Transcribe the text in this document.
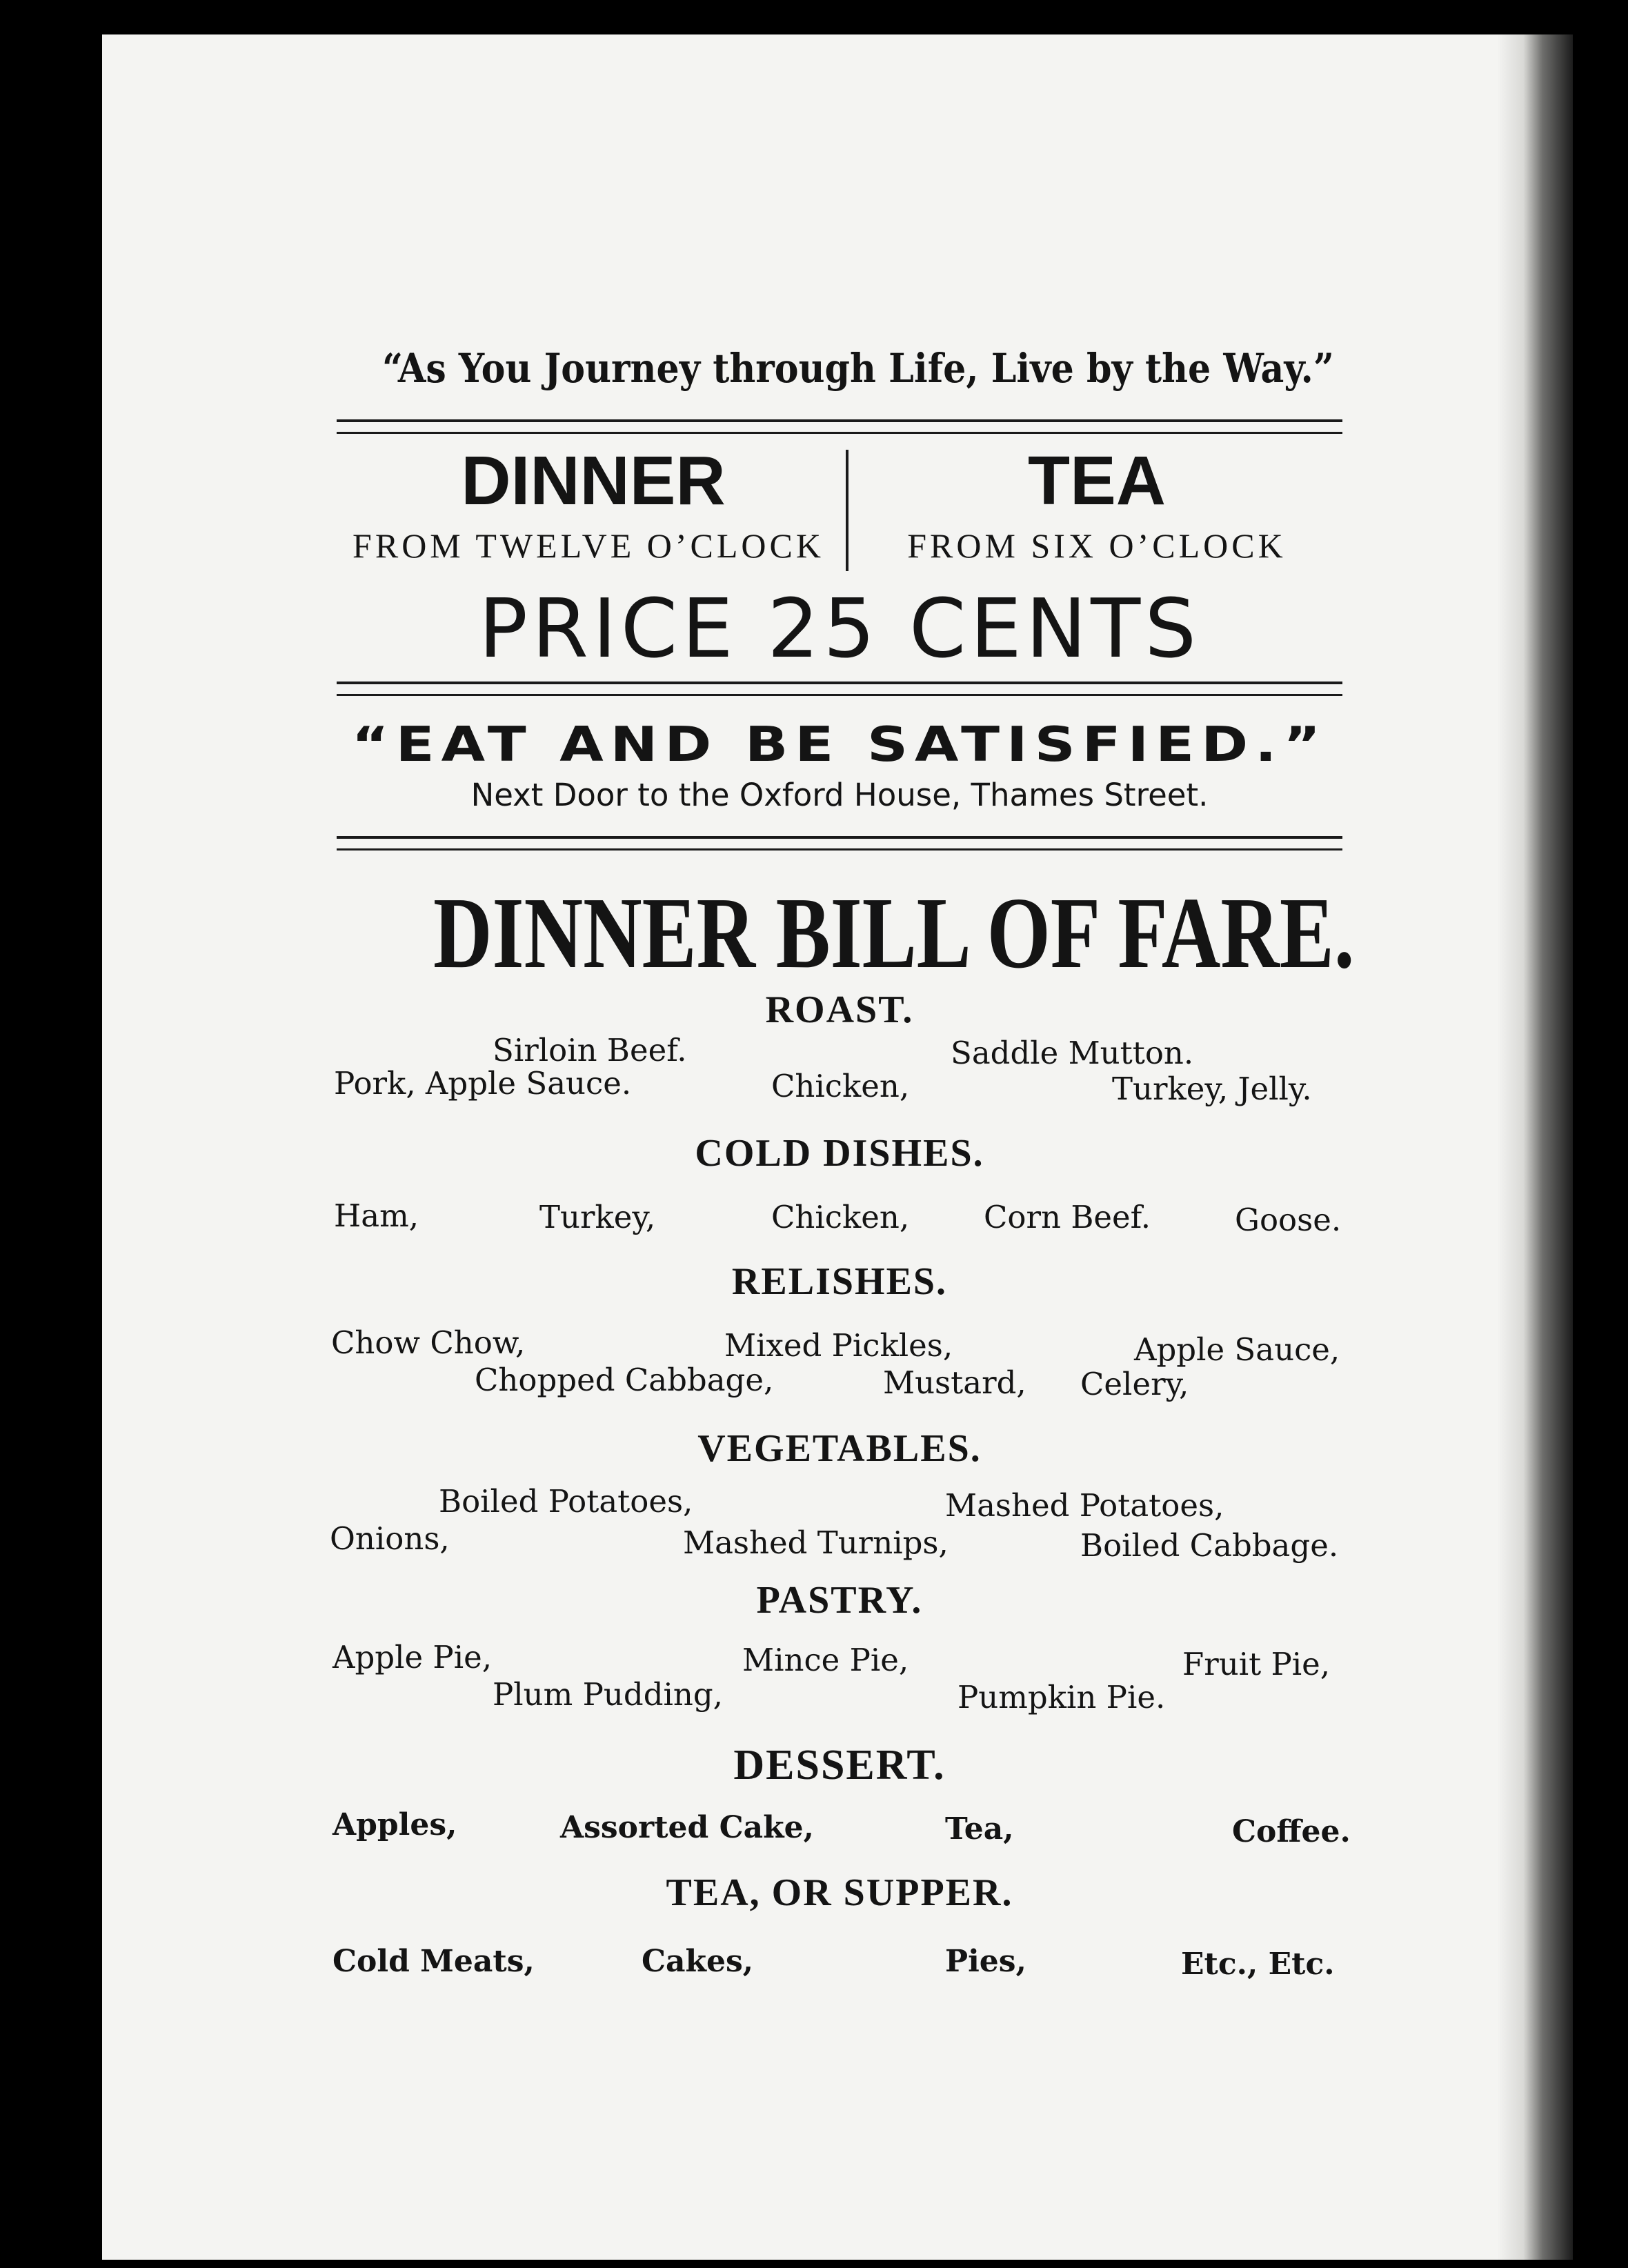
“As You Journey through Life, Live by the Way.”
DINNER	TEA
FROM TWELVE O’CLOCK	FROM SIX O’CLOCK
PRICE 25 CENTS
“EAT AND BE SATISFIED.”
Next Door to the Oxford House, Thames Street.
DINNER BILL OF FARE.
ROAST.
Sirloin Beef.	Saddle Mutton.
Pork, Apple Sauce.	Chicken,	Turkey, Jelly.
COLD DISHES.
Ham,	Turkey,	Chicken, Corn Beef.	Goose.
RELISHES.
Chow Chow,	Mixed Pickles,	Apple Sauce,
Chopped Cabbage,	Mustard, Celery,
VEGETABLES.
Boiled Potatoes,	Mashed Potatoes,
Onions,	Mashed Turnips,	Boiled Cabbage.
PASTRY.
Apple Pie,	Mince Pie,	Fruit Pie,
Plum Pudding,	Pumpkin Pie.
DESSERT.
Apples,	Assorted Cake,	Tea,	Coffee.
TEA, OR SUPPER.
Cold Meats,	Cakes,	Pies,	Etc., Etc.
